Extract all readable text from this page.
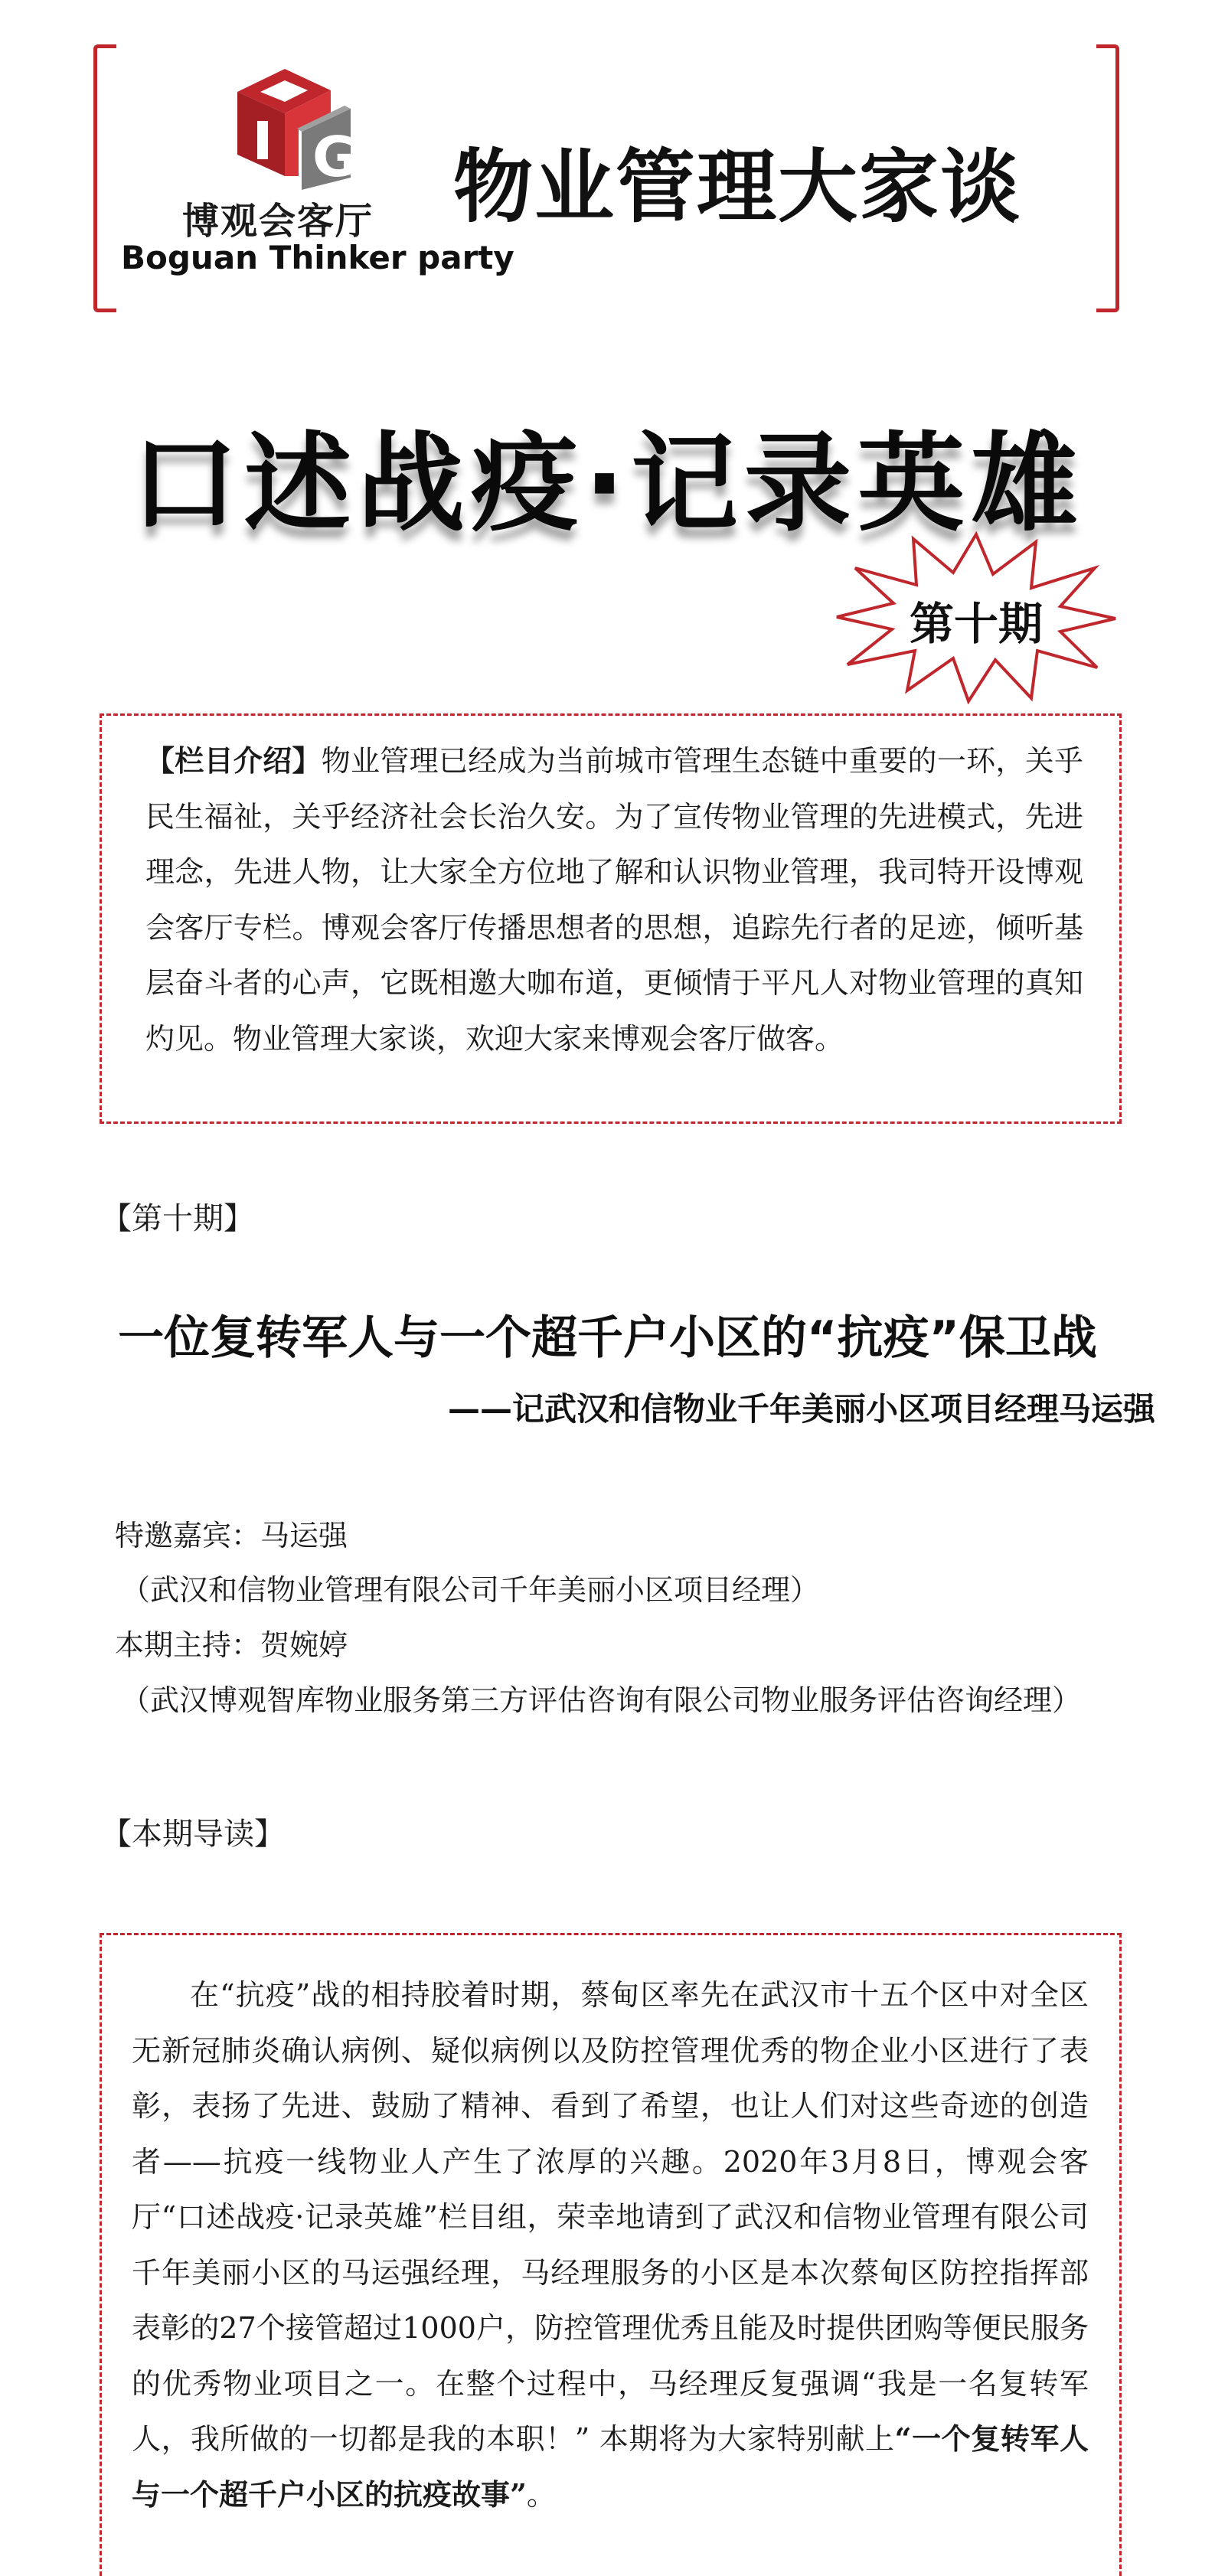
G
博观会客厅
Boguan Thinker party
物业管理大家谈
口述战疫·记录英雄
第十期

【栏目介绍】物业管理已经成为当前城市管理生态链中重要的一环，关乎民生福祉，关乎经济社会长治久安。为了宣传物业管理的先进模式，先进理念，先进人物，让大家全方位地了解和认识物业管理，我司特开设博观会客厅专栏。博观会客厅传播思想者的思想，追踪先行者的足迹，倾听基层奋斗者的心声，它既相邀大咖布道，更倾情于平凡人对物业管理的真知灼见。物业管理大家谈，欢迎大家来博观会客厅做客。

【第十期】
一位复转军人与一个超千户小区的“抗疫”保卫战
——记武汉和信物业千年美丽小区项目经理马运强
特邀嘉宾：马运强
（武汉和信物业管理有限公司千年美丽小区项目经理）
本期主持：贺婉婷
（武汉博观智库物业服务第三方评估咨询有限公司物业服务评估咨询经理）
【本期导读】

在“抗疫”战的相持胶着时期，蔡甸区率先在武汉市十五个区中对全区无新冠肺炎确认病例、疑似病例以及防控管理优秀的物企业小区进行了表彰，表扬了先进、鼓励了精神、看到了希望，也让人们对这些奇迹的创造者——抗疫一线物业人产生了浓厚的兴趣。2020年3月8日，博观会客厅“口述战疫·记录英雄”栏目组，荣幸地请到了武汉和信物业管理有限公司千年美丽小区的马运强经理，马经理服务的小区是本次蔡甸区防控指挥部表彰的27个接管超过1000户，防控管理优秀且能及时提供团购等便民服务的优秀物业项目之一。在整个过程中，马经理反复强调“我是一名复转军人，我所做的一切都是我的本职！” 本期将为大家特别献上“一个复转军人与一个超千户小区的抗疫故事”。
